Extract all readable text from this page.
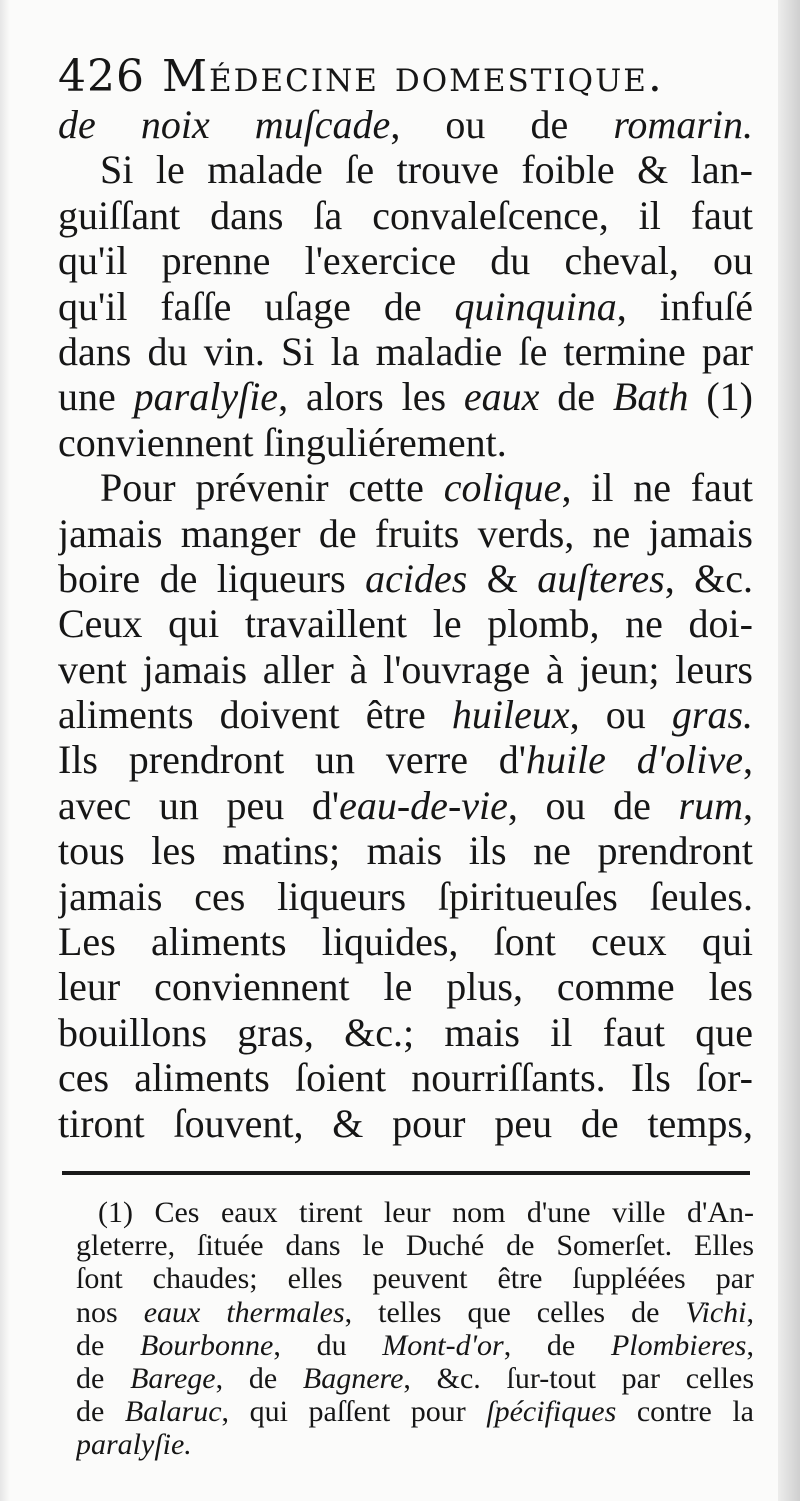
426 Médecine domestique.
de noix muſcade, ou de romarin.
Si le malade ſe trouve foible & lan-
guiſſant dans ſa convaleſcence, il faut
qu'il prenne l'exercice du cheval, ou
qu'il faſſe uſage de quinquina, infuſé
dans du vin. Si la maladie ſe termine par
une paralyſie, alors les eaux de Bath (1)
conviennent ſinguliérement.
Pour prévenir cette colique, il ne faut
jamais manger de fruits verds, ne jamais
boire de liqueurs acides & auſteres, &c.
Ceux qui travaillent le plomb, ne doi-
vent jamais aller à l'ouvrage à jeun; leurs
aliments doivent être huileux, ou gras.
Ils prendront un verre d'huile d'olive,
avec un peu d'eau-de-vie, ou de rum,
tous les matins; mais ils ne prendront
jamais ces liqueurs ſpiritueuſes ſeules.
Les aliments liquides, ſont ceux qui
leur conviennent le plus, comme les
bouillons gras, &c.; mais il faut que
ces aliments ſoient nourriſſants. Ils ſor-
tiront ſouvent, & pour peu de temps,
(1) Ces eaux tirent leur nom d'une ville d'An-
gleterre, ſituée dans le Duché de Somerſet. Elles
ſont chaudes; elles peuvent être ſuppléées par
nos eaux thermales, telles que celles de Vichi,
de Bourbonne, du Mont-d'or, de Plombieres,
de Barege, de Bagnere, &c. ſur-tout par celles
de Balaruc, qui paſſent pour ſpécifiques contre la
paralyſie.
